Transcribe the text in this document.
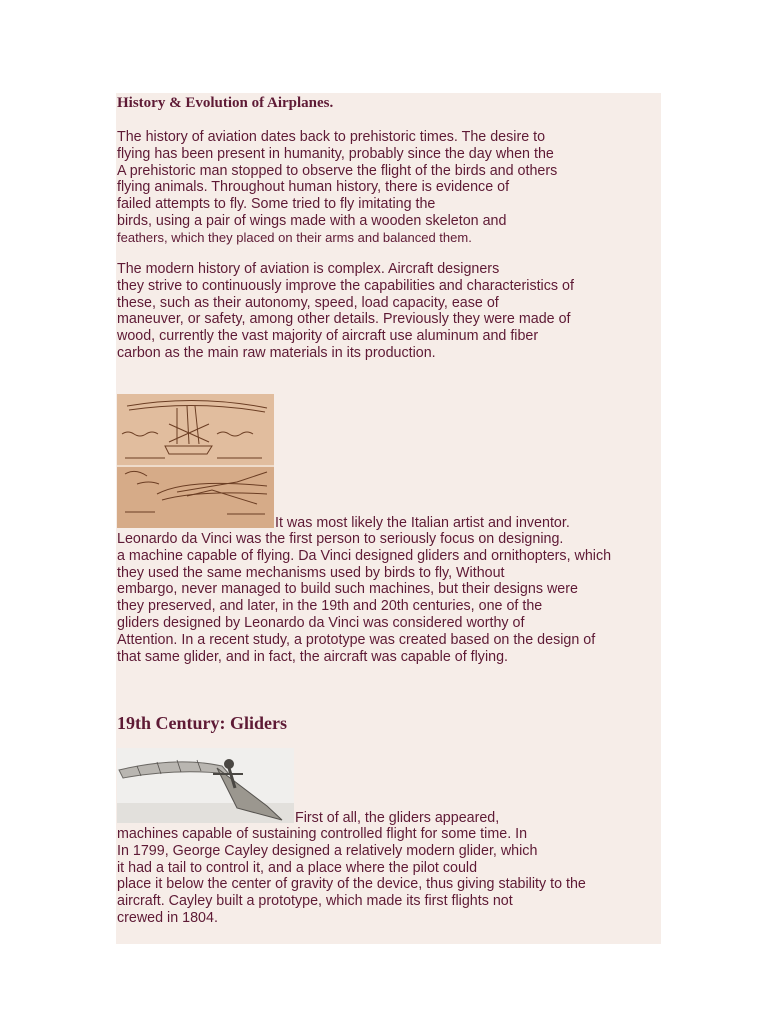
History & Evolution of Airplanes.

The history of aviation dates back to prehistoric times. The desire to
flying has been present in humanity, probably since the day when the
A prehistoric man stopped to observe the flight of the birds and others
flying animals. Throughout human history, there is evidence of
failed attempts to fly. Some tried to fly imitating the
birds, using a pair of wings made with a wooden skeleton and
feathers, which they placed on their arms and balanced them.

The modern history of aviation is complex. Aircraft designers
they strive to continuously improve the capabilities and characteristics of
these, such as their autonomy, speed, load capacity, ease of
maneuver, or safety, among other details. Previously they were made of
wood, currently the vast majority of aircraft use aluminum and fiber
carbon as the main raw materials in its production.

It was most likely the Italian artist and inventor.

Leonardo da Vinci was the first person to seriously focus on designing.
a machine capable of flying. Da Vinci designed gliders and ornithopters, which
they used the same mechanisms used by birds to fly, Without
embargo, never managed to build such machines, but their designs were
they preserved, and later, in the 19th and 20th centuries, one of the
gliders designed by Leonardo da Vinci was considered worthy of
Attention. In a recent study, a prototype was created based on the design of
that same glider, and in fact, the aircraft was capable of flying.

19th Century: Gliders

First of all, the gliders appeared,

machines capable of sustaining controlled flight for some time. In
In 1799, George Cayley designed a relatively modern glider, which
it had a tail to control it, and a place where the pilot could
place it below the center of gravity of the device, thus giving stability to the
aircraft. Cayley built a prototype, which made its first flights not
crewed in 1804.
